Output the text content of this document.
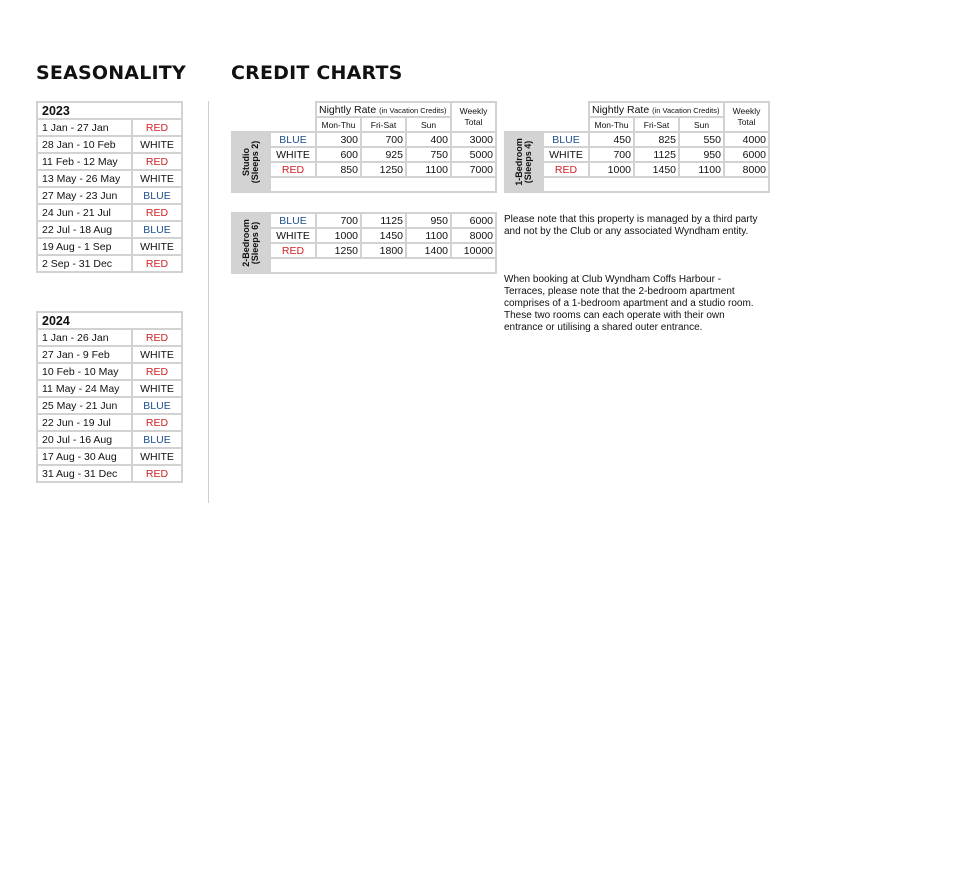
SEASONALITY CREDIT CHARTS
2023	
1 Jan - 27 Jan	RED
28 Jan - 10 Feb	WHITE
11 Feb - 12 May	RED
13 May - 26 May	WHITE
27 May - 23 Jun	BLUE
24 Jun - 21 Jul	RED
22 Jul - 18 Aug	BLUE
19 Aug - 1 Sep	WHITE
2 Sep - 31 Dec	RED
2024	
1 Jan - 26 Jan	RED
27 Jan - 9 Feb	WHITE
10 Feb - 10 May	RED
11 May - 24 May	WHITE
25 May - 21 Jun	BLUE
22 Jun - 19 Jul	RED
20 Jul - 16 Aug	BLUE
17 Aug - 30 Aug	WHITE
31 Aug - 31 Dec	RED
		Nightly Rate (in Vacation Credits)			Weekly
Total
		Mon-Thu	Fri-Sat	Sun	

Studio
(Sleeps 2)	BLUE	300	700	400	3000
	WHITE	600	925	750	5000
	RED	850	1250	1100	7000

		Nightly Rate (in Vacation Credits)			Weekly
Total
		Mon-Thu	Fri-Sat	Sun	

1-Bedroom
(Sleeps 4)	BLUE	450	825	550	4000
	WHITE	700	1125	950	6000
	RED	1000	1450	1100	8000

2-Bedroom
(Sleeps 6)	BLUE	700	1125	950	6000
	WHITE	1000	1450	1100	8000
	RED	1250	1800	1400	10000

Please note that this property is managed by a third party and not by the Club or any associated Wyndham entity.

When booking at Club Wyndham Coffs Harbour - Terraces, please note that the 2-bedroom apartment comprises of a 1-bedroom apartment and a studio room. These two rooms can each operate with their own entrance or utilising a shared outer entrance.
